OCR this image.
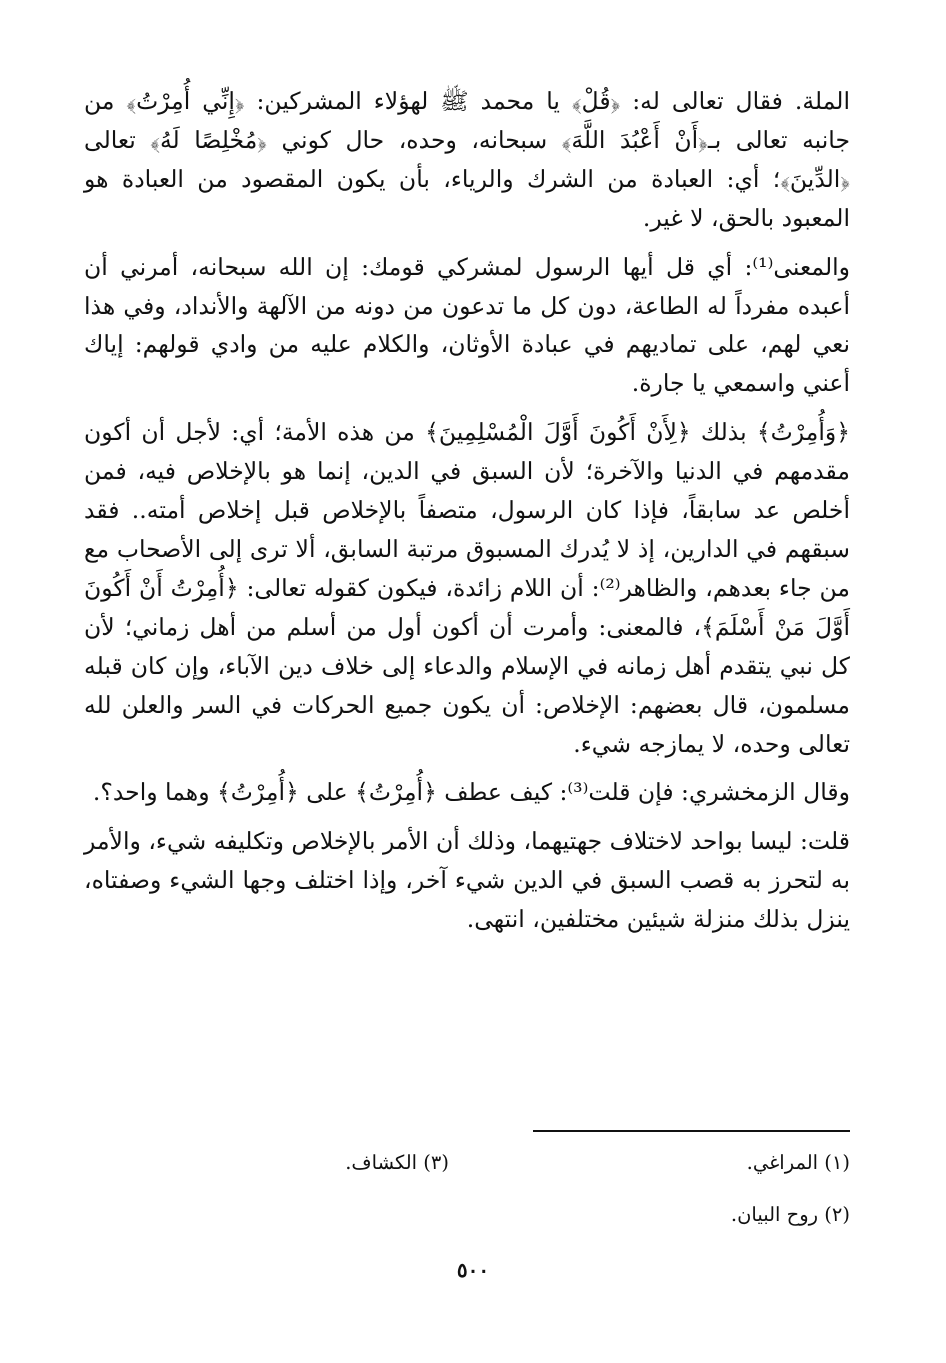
الملة. فقال تعالى له: ﴿قُلْ﴾ يا محمد ﷺ لهؤلاء المشركين: ﴿إِنِّي أُمِرْتُ﴾ من جانبه تعالى بـ﴿أَنْ أَعْبُدَ اللَّهَ﴾ سبحانه، وحده، حال كوني ﴿مُخْلِصًا لَهُ﴾ تعالى ﴿الدِّينَ﴾؛ أي: العبادة من الشرك والرياء، بأن يكون المقصود من العبادة هو المعبود بالحق، لا غير.

والمعنى⁽¹⁾: أي قل أيها الرسول لمشركي قومك: إن الله سبحانه، أمرني أن أعبده مفرداً له الطاعة، دون كل ما تدعون من دونه من الآلهة والأنداد، وفي هذا نعي لهم، على تماديهم في عبادة الأوثان، والكلام عليه من وادي قولهم: إياك أعني واسمعي يا جارة.

﴿وَأُمِرْتُ﴾ بذلك ﴿لِأَنْ أَكُونَ أَوَّلَ الْمُسْلِمِينَ﴾ من هذه الأمة؛ أي: لأجل أن أكون مقدمهم في الدنيا والآخرة؛ لأن السبق في الدين، إنما هو بالإخلاص فيه، فمن أخلص عد سابقاً، فإذا كان الرسول، متصفاً بالإخلاص قبل إخلاص أمته.. فقد سبقهم في الدارين، إذ لا يُدرك المسبوق مرتبة السابق، ألا ترى إلى الأصحاب مع من جاء بعدهم، والظاهر⁽²⁾: أن اللام زائدة، فيكون كقوله تعالى: ﴿أُمِرْتُ أَنْ أَكُونَ أَوَّلَ مَنْ أَسْلَمَ﴾، فالمعنى: وأمرت أن أكون أول من أسلم من أهل زماني؛ لأن كل نبي يتقدم أهل زمانه في الإسلام والدعاء إلى خلاف دين الآباء، وإن كان قبله مسلمون، قال بعضهم: الإخلاص: أن يكون جميع الحركات في السر والعلن لله تعالى وحده، لا يمازجه شيء.

وقال الزمخشري: فإن قلت⁽³⁾: كيف عطف ﴿أُمِرْتُ﴾ على ﴿أُمِرْتُ﴾ وهما واحد؟.

قلت: ليسا بواحد لاختلاف جهتيهما، وذلك أن الأمر بالإخلاص وتكليفه شيء، والأمر به لتحرز به قصب السبق في الدين شيء آخر، وإذا اختلف وجها الشيء وصفتاه، ينزل بذلك منزلة شيئين مختلفين، انتهى.

(١) المراغي.
(٣) الكشاف.
(٢) روح البيان.
٥٠٠
